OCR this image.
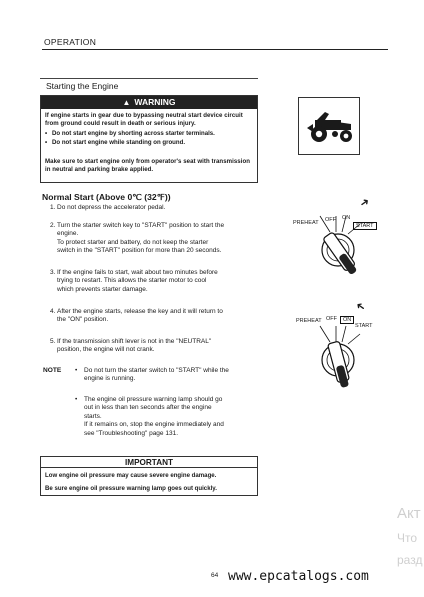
OPERATION
Starting the Engine
▲ WARNING
If engine starts in gear due to bypassing neutral start device circuit from ground could result in death or serious injury.
• Do not start engine by shorting across starter terminals.
• Do not start engine while standing on ground.
Make sure to start engine only from operator's seat with transmission in neutral and parking brake applied.
Normal Start (Above 0℃ (32℉))
1. Do not depress the accelerator pedal.
2. Turn the starter switch key to "START" position to start the
engine.
To protect starter and battery, do not keep the starter
switch in the "START" position for more than 20 seconds.
3. If the engine fails to start, wait about two minutes before
trying to restart. This allows the starter motor to cool
which prevents starter damage.
4. After the engine starts, release the key and it will return to
the "ON" position.
5. If the transmission shift lever is not in the "NEUTRAL"
position, the engine will not crank.
NOTE •	Do not turn the starter switch to "START" while the
engine is running.
•	The engine oil pressure warning lamp should go
out in less than ten seconds after the engine
starts.
If it remains on, stop the engine immediately and
see "Troubleshooting" page 131.
IMPORTANT
Low engine oil pressure may cause severe engine damage.
Be sure engine oil pressure warning lamp goes out quickly.
PREHEAT OFF ON
START
➜
PREHEAT OFF	ON
START
➜
64 www.epcatalogs.com
Акт
Что
разд
